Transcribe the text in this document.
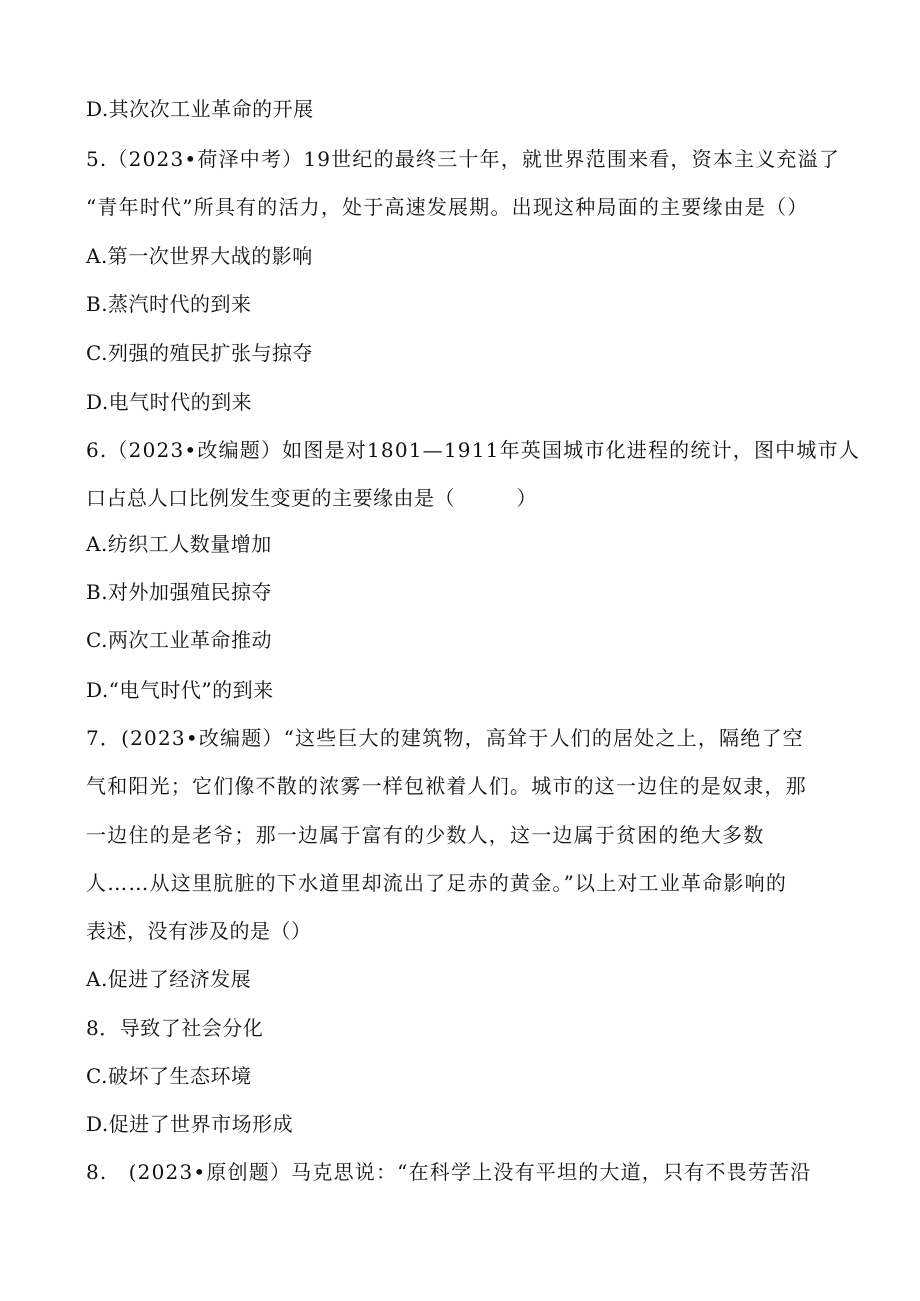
D.其次次工业革命的开展
5.（2023•荷泽中考）19世纪的最终三十年，就世界范围来看，资本主义充溢了
“青年时代”所具有的活力，处于高速发展期。出现这种局面的主要缘由是（）
A.第一次世界大战的影响
B.蒸汽时代的到来
C.列强的殖民扩张与掠夺
D.电气时代的到来
6.（2023•改编题）如图是对1801—1911年英国城市化进程的统计，图中城市人
口占总人口比例发生变更的主要缘由是（　　　）
A.纺织工人数量增加
B.对外加强殖民掠夺
C.两次工业革命推动
D.“电气时代”的到来
7．(2023•改编题）“这些巨大的建筑物，高耸于人们的居处之上，隔绝了空
气和阳光；它们像不散的浓雾一样包袱着人们。城市的这一边住的是奴隶，那
一边住的是老爷；那一边属于富有的少数人，这一边属于贫困的绝大多数
人……从这里肮脏的下水道里却流出了足赤的黄金。”以上对工业革命影响的
表述，没有涉及的是（）
A.促进了经济发展
8．导致了社会分化
C.破坏了生态环境
D.促进了世界市场形成
8.　(2023•原创题）马克思说：“在科学上没有平坦的大道，只有不畏劳苦沿
